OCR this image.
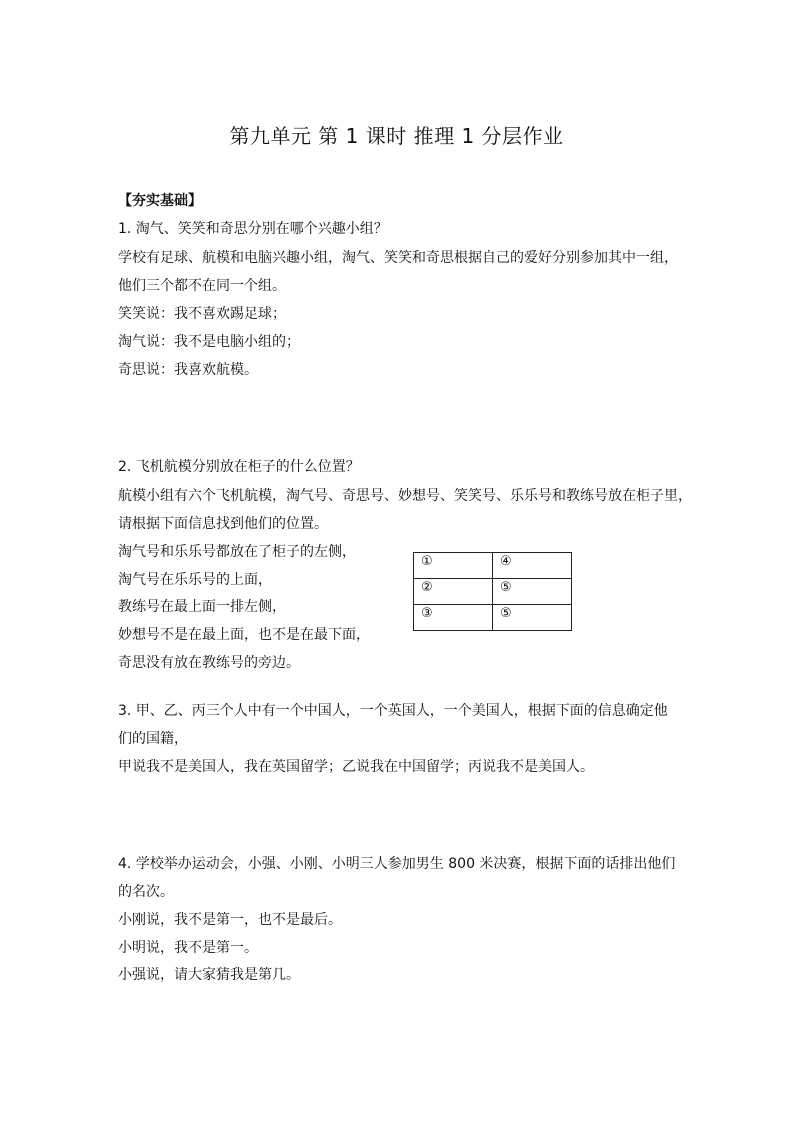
第九单元 第 1 课时 推理 1 分层作业
【夯实基础】
1. 淘气、笑笑和奇思分别在哪个兴趣小组？
学校有足球、航模和电脑兴趣小组，淘气、笑笑和奇思根据自己的爱好分别参加其中一组，
他们三个都不在同一个组。
笑笑说：我不喜欢踢足球；
淘气说：我不是电脑小组的；
奇思说：我喜欢航模。
2. 飞机航模分别放在柜子的什么位置？
航模小组有六个飞机航模，淘气号、奇思号、妙想号、笑笑号、乐乐号和教练号放在柜子里，
请根据下面信息找到他们的位置。
淘气号和乐乐号都放在了柜子的左侧，
淘气号在乐乐号的上面，
教练号在最上面一排左侧，
妙想号不是在最上面，也不是在最下面，
奇思没有放在教练号的旁边。
①	④
②	⑤
③	⑤
3. 甲、乙、丙三个人中有一个中国人，一个英国人，一个美国人，根据下面的信息确定他
们的国籍，
甲说我不是美国人，我在英国留学；乙说我在中国留学；丙说我不是美国人。
4. 学校举办运动会，小强、小刚、小明三人参加男生 800 米决赛，根据下面的话排出他们
的名次。
小刚说，我不是第一，也不是最后。
小明说，我不是第一。
小强说，请大家猜我是第几。
